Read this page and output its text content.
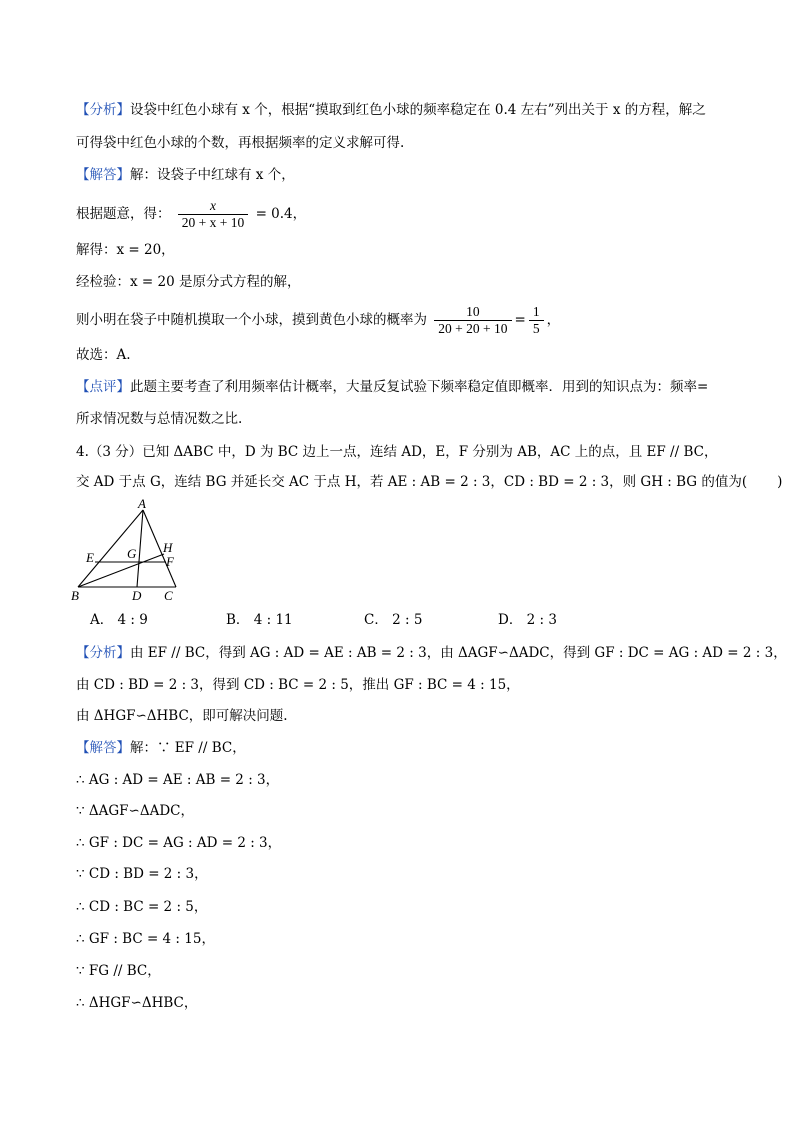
【分析】设袋中红色小球有 x 个，根据“摸取到红色小球的频率稳定在 0.4 左右”列出关于 x 的方程，解之
可得袋中红色小球的个数，再根据频率的定义求解可得.
【解答】解：设袋子中红球有 x 个，
根据题意，得： $\frac{x}{20 + x + 10} = 0.4$，
解得：x = 20，
经检验：x = 20 是原分式方程的解，
则小明在袋子中随机摸取一个小球，摸到黄色小球的概率为 $\frac{10}{20 + 20 + 10} = \frac{1}{5}$ ，
故选：A.
【点评】此题主要考查了利用频率估计概率，大量反复试验下频率稳定值即概率．用到的知识点为：频率=
所求情况数与总情况数之比.
4.（3 分）已知 ΔABC 中，D 为 BC 边上一点，连结 AD，E，F 分别为 AB，AC 上的点，且 EF // BC，
交 AD 于点 G，连结 BG 并延长交 AC 于点 H，若 AE : AB = 2 : 3，CD : BD = 2 : 3，则 GH : BG 的值为( )
A
B	C
D
E	F
G H
A． 4 : 9	B． 4 : 11	C． 2 : 5	D． 2 : 3
【分析】由 EF // BC，得到 AG : AD = AE : AB = 2 : 3，由 ΔAGF∽ΔADC，得到 GF : DC = AG : AD = 2 : 3，
由 CD : BD = 2 : 3，得到 CD : BC = 2 : 5，推出 GF : BC = 4 : 15，
由 ΔHGF∽ΔHBC，即可解决问题.
【解答】解：∵ EF // BC，
∴ AG : AD = AE : AB = 2 : 3，
∵ ΔAGF∽ΔADC，
∴ GF : DC = AG : AD = 2 : 3，
∵ CD : BD = 2 : 3，
∴ CD : BC = 2 : 5，
∴ GF : BC = 4 : 15，
∵ FG // BC，
∴ ΔHGF∽ΔHBC，
